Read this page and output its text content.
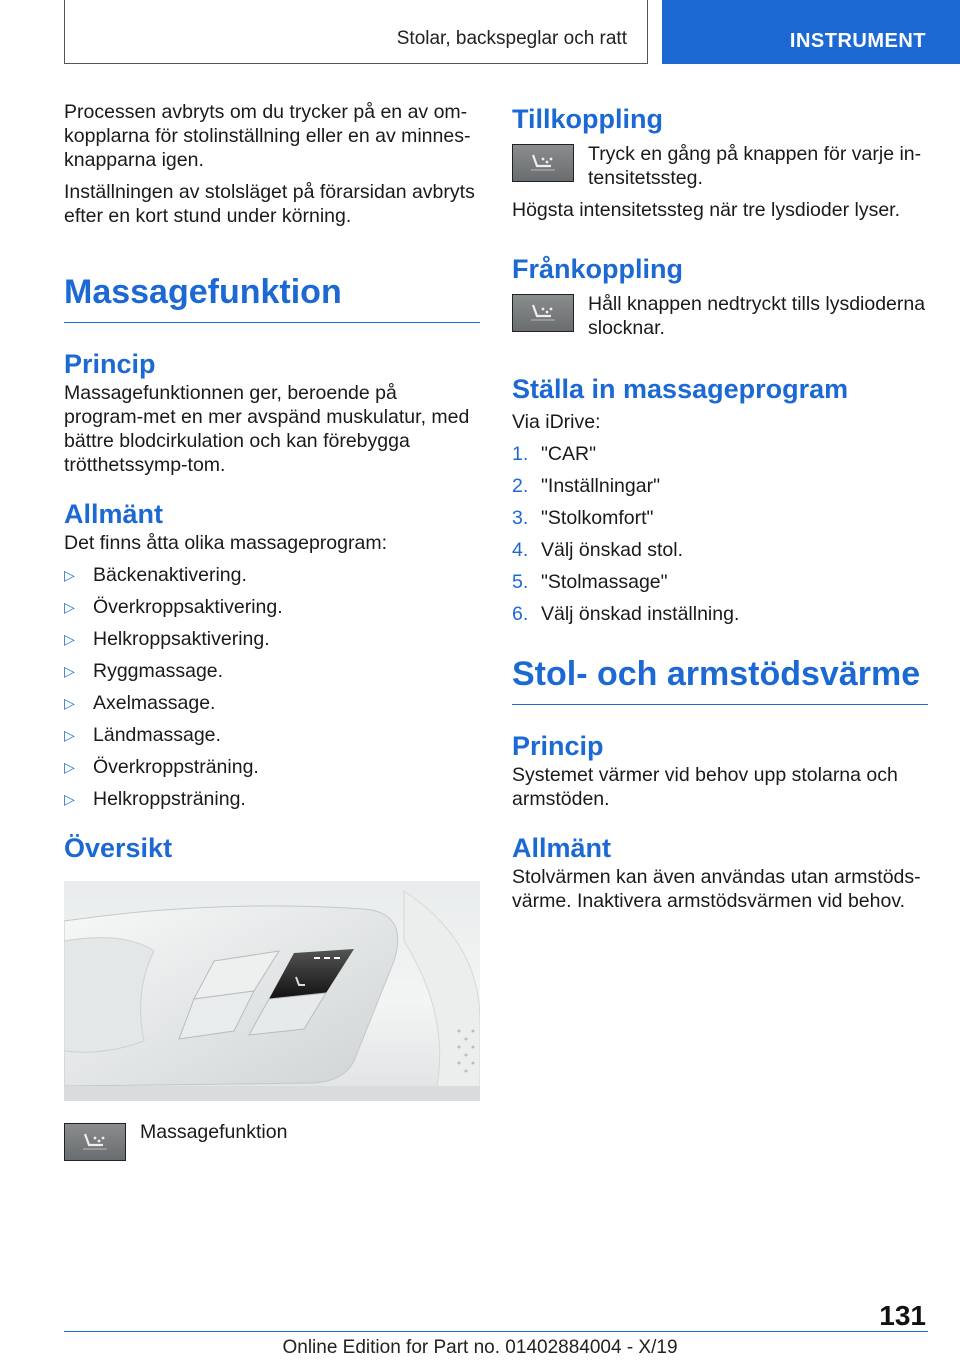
Stolar, backspeglar och ratt	INSTRUMENT

Processen avbryts om du trycker på en av om-kopplarna för stolinställning eller en av minnes-knapparna igen.

Inställningen av stolsläget på förarsidan avbryts efter en kort stund under körning.

Massagefunktion
Princip

Massagefunktionnen ger, beroende på program-met en mer avspänd muskulatur, med bättre blodcirkulation och kan förebygga trötthetssymp-tom.

Allmänt

Det finns åtta olika massageprogram:

▷ Bäckenaktivering.
▷ Överkroppsaktivering.
▷ Helkroppsaktivering.
▷ Ryggmassage.
▷ Axelmassage.
▷ Ländmassage.
▷ Överkroppsträning.
▷ Helkroppsträning.
Översikt

Massagefunktion

Tillkoppling

Tryck en gång på knappen för varje in-tensitetssteg.

Högsta intensitetssteg när tre lysdioder lyser.

Frånkoppling

Håll knappen nedtryckt tills lysdioderna slocknar.

Ställa in massageprogram

Via iDrive:

1. "CAR"
2. "Inställningar"
3. "Stolkomfort"
4. Välj önskad stol.
5. "Stolmassage"
6. Välj önskad inställning.
Stol- och armstödsvärme
Princip

Systemet värmer vid behov upp stolarna och armstöden.

Allmänt

Stolvärmen kan även användas utan armstöds-värme. Inaktivera armstödsvärmen vid behov.

131
Online Edition for Part no. 01402884004 - X/19
